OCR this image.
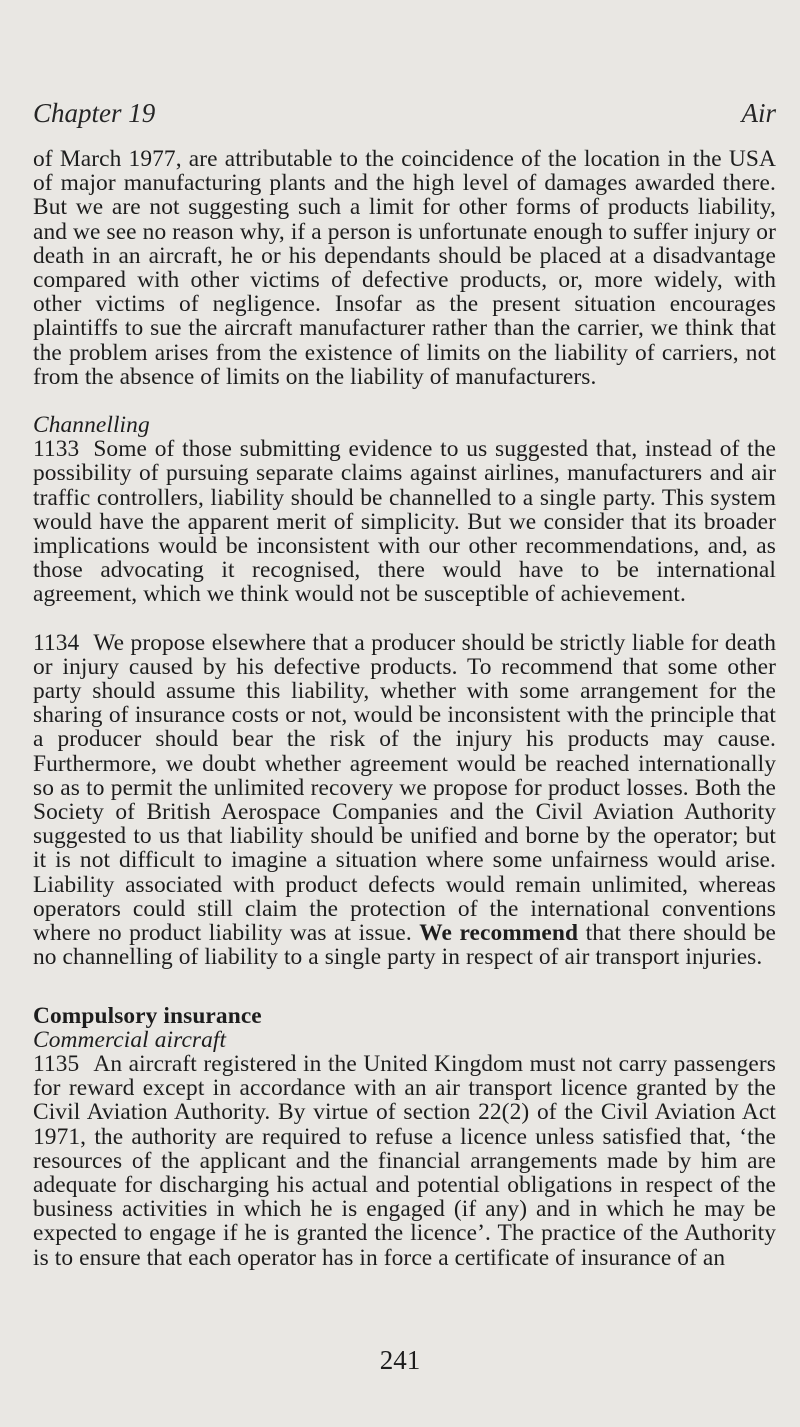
Chapter 19	Air

of March 1977, are attributable to the coincidence of the location in the USA of major manufacturing plants and the high level of damages awarded there. But we are not suggesting such a limit for other forms of products liability, and we see no reason why, if a person is unfortunate enough to suffer injury or death in an aircraft, he or his dependants should be placed at a disadvantage compared with other victims of defective products, or, more widely, with other victims of negligence. Insofar as the present situation encourages plaintiffs to sue the aircraft manufacturer rather than the carrier, we think that the problem arises from the existence of limits on the liability of carriers, not from the absence of limits on the liability of manufacturers.

Channelling

1133 Some of those submitting evidence to us suggested that, instead of the possibility of pursuing separate claims against airlines, manufacturers and air traffic controllers, liability should be channelled to a single party. This system would have the apparent merit of simplicity. But we consider that its broader implications would be inconsistent with our other recommendations, and, as those advocating it recognised, there would have to be international agreement, which we think would not be susceptible of achievement.

1134 We propose elsewhere that a producer should be strictly liable for death or injury caused by his defective products. To recommend that some other party should assume this liability, whether with some arrangement for the sharing of insurance costs or not, would be inconsistent with the principle that a producer should bear the risk of the injury his products may cause. Furthermore, we doubt whether agreement would be reached internationally so as to permit the unlimited recovery we propose for product losses. Both the Society of British Aerospace Companies and the Civil Aviation Authority suggested to us that liability should be unified and borne by the operator; but it is not difficult to imagine a situation where some unfairness would arise. Liability associated with product defects would remain unlimited, whereas operators could still claim the protection of the international conventions where no product liability was at issue. We recommend that there should be no channelling of liability to a single party in respect of air transport injuries.

Compulsory insurance

Commercial aircraft

1135 An aircraft registered in the United Kingdom must not carry passengers for reward except in accordance with an air transport licence granted by the Civil Aviation Authority. By virtue of section 22(2) of the Civil Aviation Act 1971, the authority are required to refuse a licence unless satisfied that, ‘the resources of the applicant and the financial arrangements made by him are adequate for discharging his actual and potential obligations in respect of the business activities in which he is engaged (if any) and in which he may be expected to engage if he is granted the licence’. The practice of the Authority is to ensure that each operator has in force a certificate of insurance of an

241
